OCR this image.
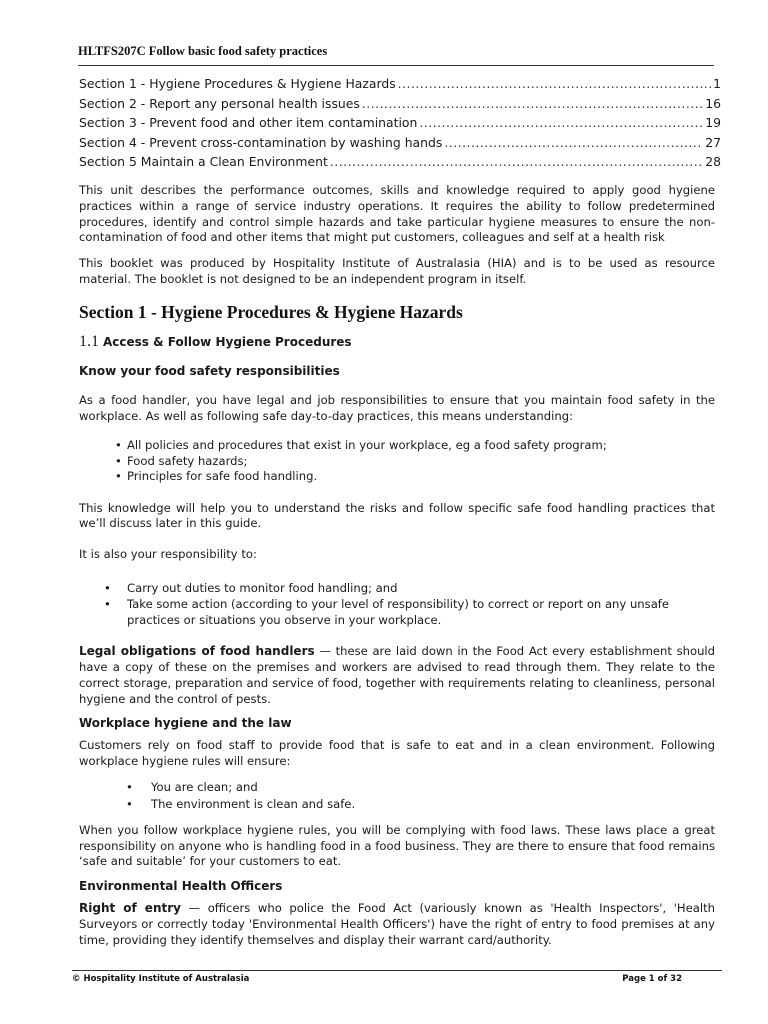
HLTFS207C Follow basic food safety practices
Section 1 - Hygiene Procedures & Hygiene Hazards .....	1
Section 2 - Report any personal health issues .....	16
Section 3 - Prevent food and other item contamination .....	19
Section 4 - Prevent cross-contamination by washing hands .....	27
Section 5 Maintain a Clean Environment .....	28

This unit describes the performance outcomes, skills and knowledge required to apply good hygiene practices within a range of service industry operations. It requires the ability to follow predetermined procedures, identify and control simple hazards and take particular hygiene measures to ensure the non-contamination of food and other items that might put customers, colleagues and self at a health risk

This booklet was produced by Hospitality Institute of Australasia (HIA) and is to be used as resource material. The booklet is not designed to be an independent program in itself.

Section 1 - Hygiene Procedures & Hygiene Hazards
1.1 Access & Follow Hygiene Procedures
Know your food safety responsibilities

As a food handler, you have legal and job responsibilities to ensure that you maintain food safety in the workplace. As well as following safe day-to-day practices, this means understanding:

• All policies and procedures that exist in your workplace, eg a food safety program;
• Food safety hazards;
• Principles for safe food handling.

This knowledge will help you to understand the risks and follow specific safe food handling practices that we’ll discuss later in this guide.

It is also your responsibility to:

• Carry out duties to monitor food handling; and
• Take some action (according to your level of responsibility) to correct or report on any unsafe practices or situations you observe in your workplace.

Legal obligations of food handlers — these are laid down in the Food Act every establishment should have a copy of these on the premises and workers are advised to read through them. They relate to the correct storage, preparation and service of food, together with requirements relating to cleanliness, personal hygiene and the control of pests.

Workplace hygiene and the law

Customers rely on food staff to provide food that is safe to eat and in a clean environment. Following workplace hygiene rules will ensure:

• You are clean; and
• The environment is clean and safe.

When you follow workplace hygiene rules, you will be complying with food laws. These laws place a great responsibility on anyone who is handling food in a food business. They are there to ensure that food remains ‘safe and suitable’ for your customers to eat.

Environmental Health Officers

Right of entry — officers who police the Food Act (variously known as 'Health Inspectors', 'Health Surveyors or correctly today 'Environmental Health Officers') have the right of entry to food premises at any time, providing they identify themselves and display their warrant card/authority.

© Hospitality Institute of Australasia	Page 1 of 32
